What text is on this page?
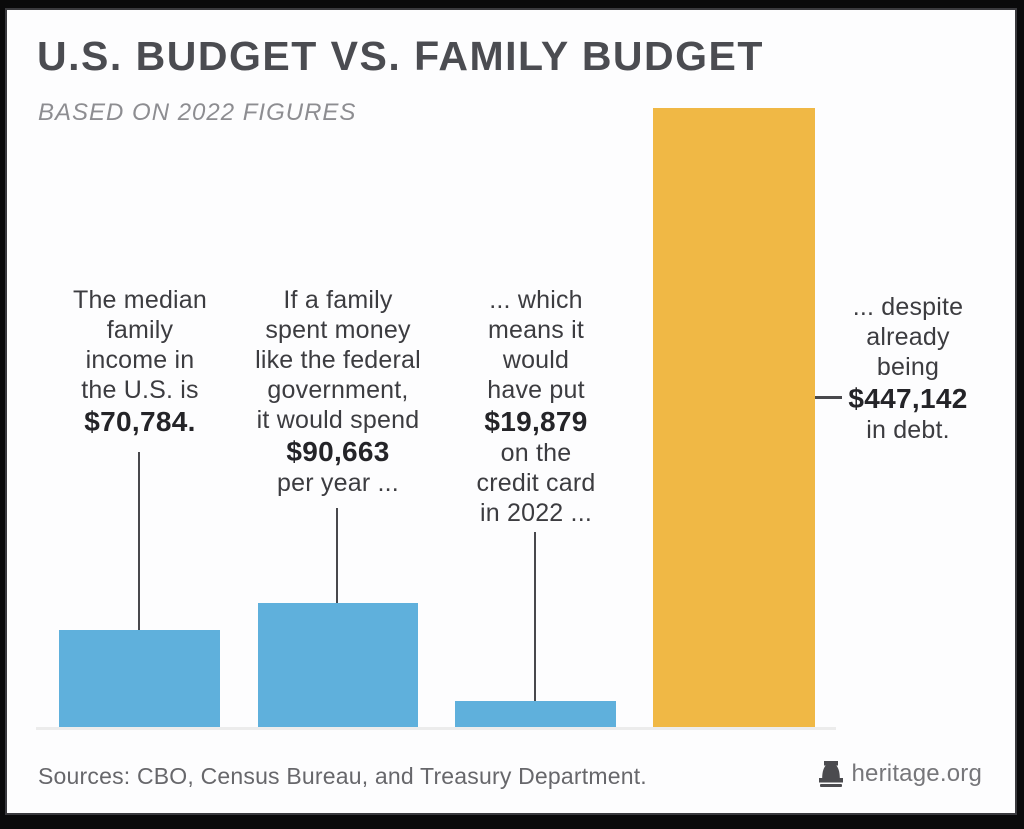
U.S. BUDGET VS. FAMILY BUDGET
BASED ON 2022 FIGURES
The median
family
income in
the U.S. is
$70,784.
If a family
spent money
like the federal
government,
it would spend
$90,663
per year ...
... which
means it
would
have put
$19,879
on the
credit card
in 2022 ...
... despite
already
being
$447,142
in debt.
Sources: CBO, Census Bureau, and Treasury Department.	heritage.org
